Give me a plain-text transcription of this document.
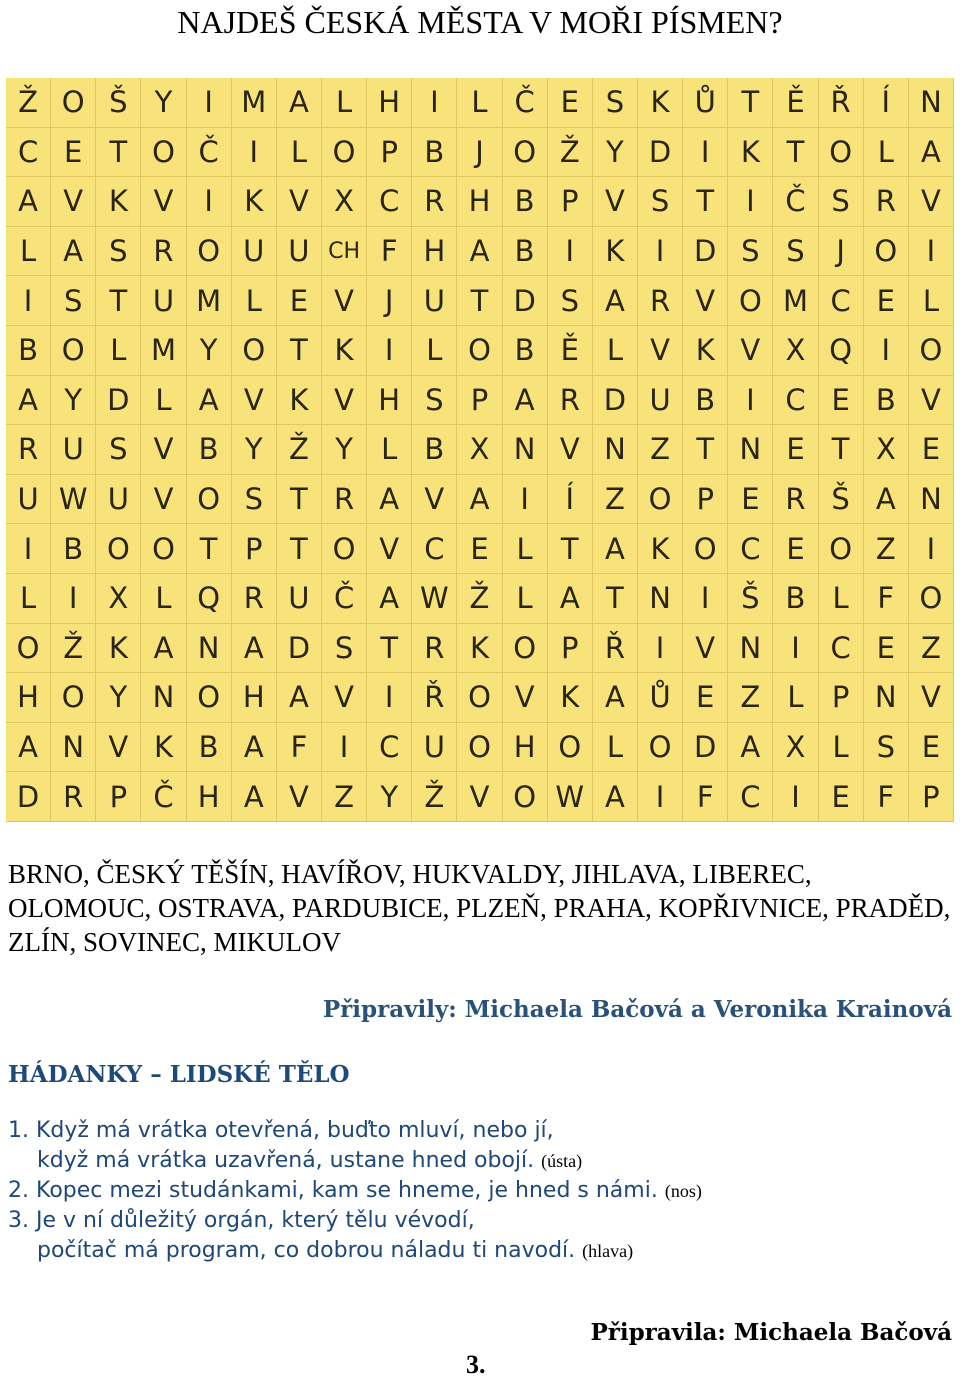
NAJDEŠ ČESKÁ MĚSTA V MOŘI PÍSMEN?
Ž O Š Y	I M A L H	I	L Č E S K Ů T Ě Ř	Í	N
C E T O Č	I	L O P B	J	O Ž Y D	I	K T O L A
A V K V	I	K V X C R H B P V S T	I	Č S R V
L A S R O U U CH F H A B	I	K	I	D S S	J	O	I
I	S T U M L E V	J	U T D S A R V O M C E L
B O L M Y O T K	I	L O B Ě L V K V X Q	I	O
A Y D L A V K V H S P A R D U B	I	C E B V
R U S V B Y Ž Y L B X N V N Z T N E T X E
U W U V O S T R A V A	I	Í	Z O P E R Š A N
I	B O O T P T O V C E L T A K O C E O Z	I
L	I	X L Q R U Č A W Ž L A T N	I	Š B L F O
O Ž K A N A D S T R K O P Ř	I	V N	I	C E Z
H O Y N O H A V	I	Ř O V K A Ů E Z L P N V
A N V K B A F	I	C U O H O L O D A X L S E
D R P Č H A V Z Y Ž V O W A	I	F C	I	E F P
BRNO, ČESKÝ TĚŠÍN, HAVÍŘOV, HUKVALDY, JIHLAVA, LIBEREC, OLOMOUC, OSTRAVA, PARDUBICE, PLZEŇ, PRAHA, KOPŘIVNICE, PRADĚD, ZLÍN, SOVINEC, MIKULOV
Připravily: Michaela Bačová a Veronika Krainová
HÁDANKY – LIDSKÉ TĚLO
1. Když má vrátka otevřená, buďto mluví, nebo jí,
když má vrátka uzavřená, ustane hned obojí. (ústa)
2. Kopec mezi studánkami, kam se hneme, je hned s námi. (nos)
3. Je v ní důležitý orgán, který tělu vévodí,
počítač má program, co dobrou náladu ti navodí. (hlava)
Připravila: Michaela Bačová
3.
